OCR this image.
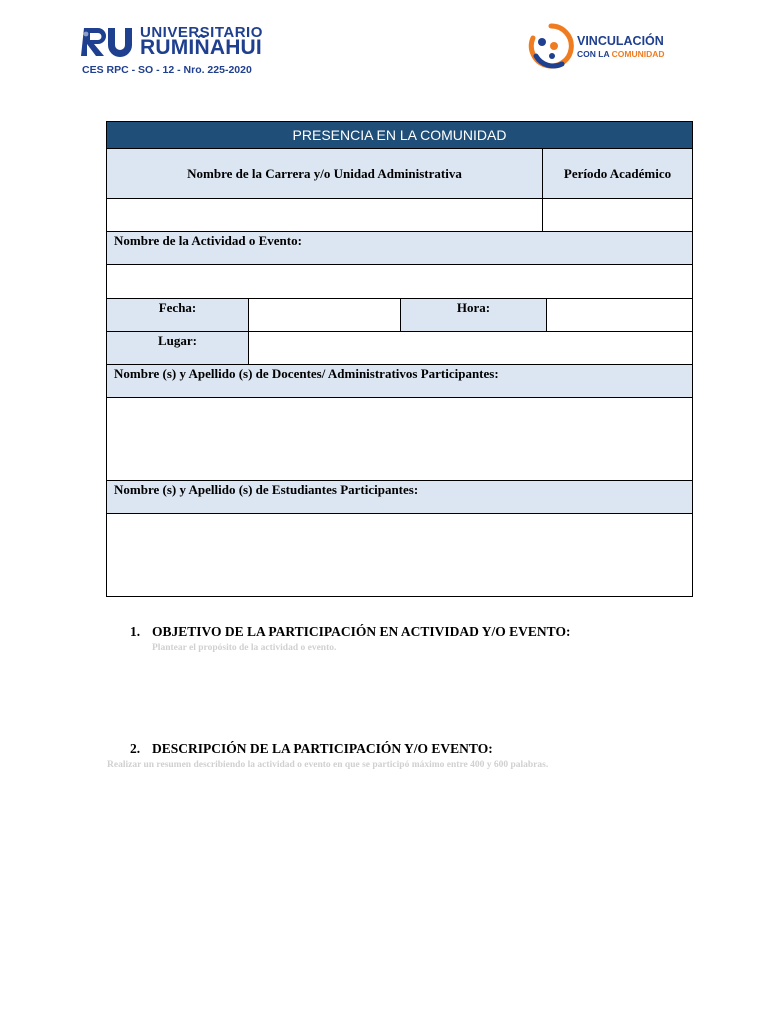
UNIVERSITARIO
RUMIÑAHUI
CES RPC - SO - 12 - Nro. 225-2020
VINCULACIÓN
CON LA COMUNIDAD
PRESENCIA EN LA COMUNIDAD
Nombre de la Carrera y/o Unidad Administrativa	Período Académico
Nombre de la Actividad o Evento:
Fecha:	Hora:
Lugar:
Nombre (s) y Apellido (s) de Docentes/ Administrativos Participantes:
Nombre (s) y Apellido (s) de Estudiantes Participantes:
1. OBJETIVO DE LA PARTICIPACIÓN EN ACTIVIDAD Y/O EVENTO:
Plantear el propósito de la actividad o evento.
2. DESCRIPCIÓN DE LA PARTICIPACIÓN Y/O EVENTO:
Realizar un resumen describiendo la actividad o evento en que se participó máximo entre 400 y 600 palabras.
